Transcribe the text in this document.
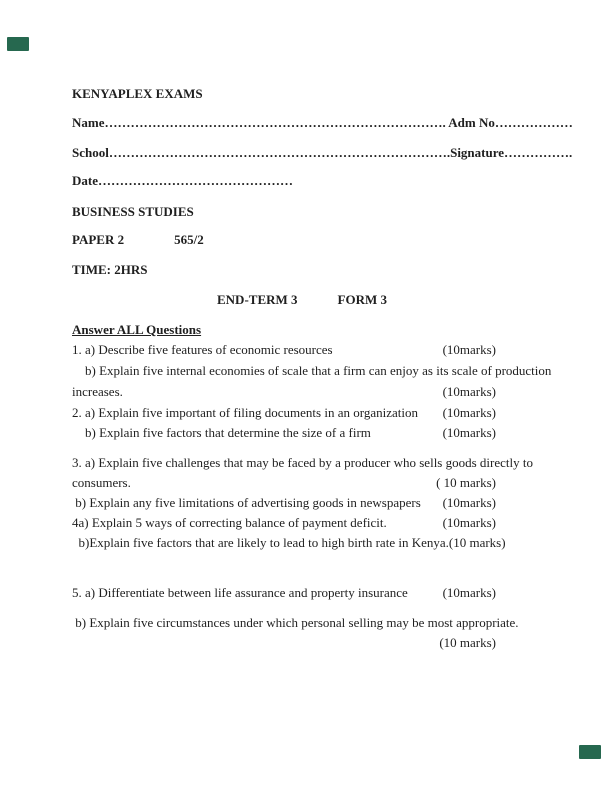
KENYAPLEX EXAMS
Name……………………………………………………………………. Adm No………………
School…………………………………………………………………….Signature…………….
Date………………………………………
BUSINESS STUDIES
PAPER 2	565/2
TIME: 2HRS
END-TERM 3	FORM 3
Answer ALL Questions
1. a) Describe five features of economic resources	(10marks)
b) Explain five internal economies of scale that a firm can enjoy as its scale of production
increases.	(10marks)
2. a) Explain five important of filing documents in an organization (10marks)
b) Explain five factors that determine the size of a firm	(10marks)
3. a) Explain five challenges that may be faced by a producer who sells goods directly to
consumers.	( 10 marks)
b) Explain any five limitations of advertising goods in newspapers (10marks)
4a) Explain 5 ways of correcting balance of payment deficit.	(10marks)
b)Explain five factors that are likely to lead to high birth rate in Kenya. (10 marks)
5. a) Differentiate between life assurance and property insurance	(10marks)
b) Explain five circumstances under which personal selling may be most appropriate.
(10 marks)
